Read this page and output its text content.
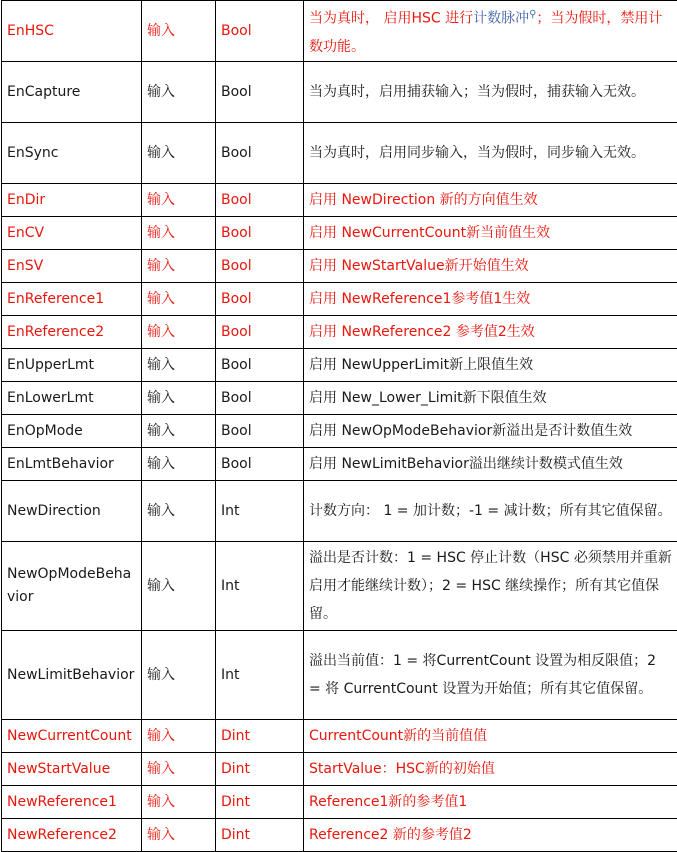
EnHSC	输入	Bool	当为真时， 启用HSC 进行计数脉冲⚲；当为假时，禁用计数功能。
EnCapture	输入	Bool	当为真时，启用捕获输入；当为假时，捕获输入无效。
EnSync	输入	Bool	当为真时，启用同步输入，当为假时，同步输入无效。
EnDir	输入	Bool	启用 NewDirection 新的方向值生效
EnCV	输入	Bool	启用 NewCurrentCount新当前值生效
EnSV	输入	Bool	启用 NewStartValue新开始值生效
EnReference1	输入	Bool	启用 NewReference1参考值1生效
EnReference2	输入	Bool	启用 NewReference2 参考值2生效
EnUpperLmt	输入	Bool	启用 NewUpperLimit新上限值生效
EnLowerLmt	输入	Bool	启用 New_Lower_Limit新下限值生效
EnOpMode	输入	Bool	启用 NewOpModeBehavior新溢出是否计数值生效
EnLmtBehavior	输入	Bool	启用 NewLimitBehavior溢出继续计数模式值生效
NewDirection	输入	Int	计数方向： 1 = 加计数；-1 = 减计数；所有其它值保留。
NewOpModeBehavior	输入	Int	溢出是否计数：1 = HSC 停止计数（HSC 必须禁用并重新启用才能继续计数）；2 = HSC 继续操作；所有其它值保留。
NewLimitBehavior	输入	Int	溢出当前值：1 = 将CurrentCount 设置为相反限值；2 = 将 CurrentCount 设置为开始值；所有其它值保留。
NewCurrentCount	输入	Dint	CurrentCount新的当前值值
NewStartValue	输入	Dint	StartValue：HSC新的初始值
NewReference1	输入	Dint	Reference1新的参考值1
NewReference2	输入	Dint	Reference2 新的参考值2
